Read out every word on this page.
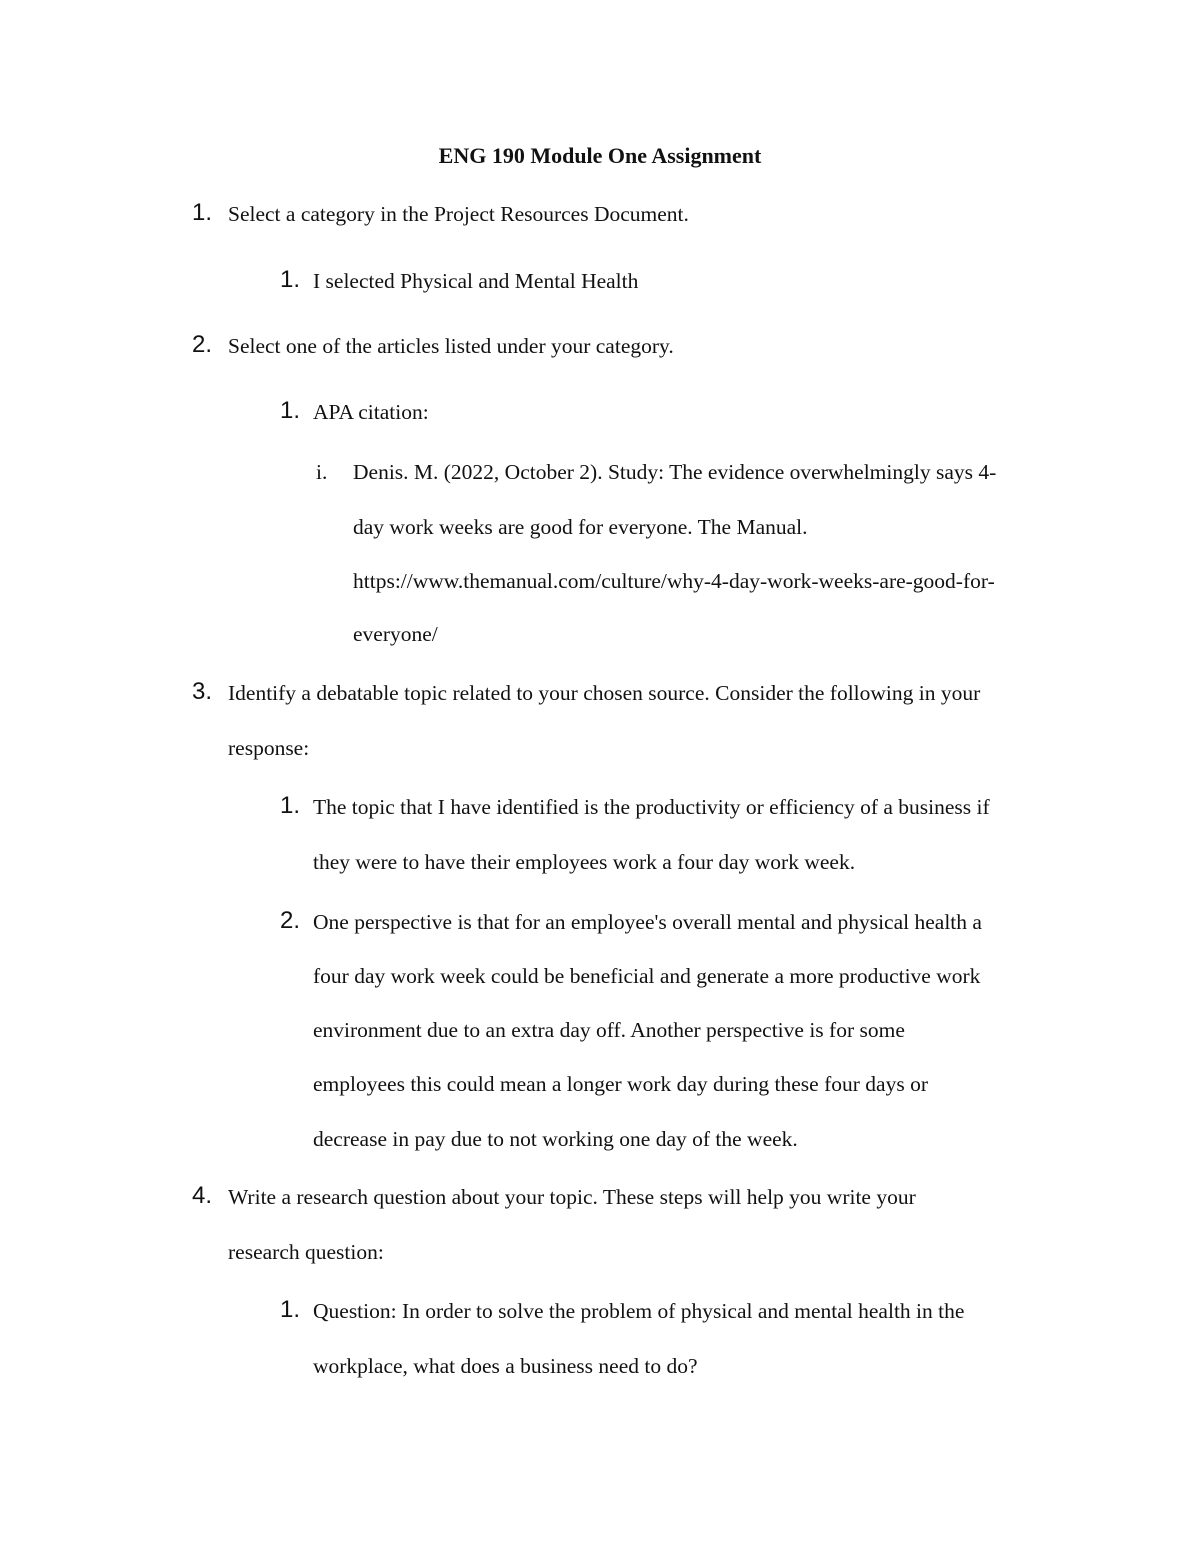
ENG 190 Module One Assignment
1. Select a category in the Project Resources Document.
1. I selected Physical and Mental Health
2. Select one of the articles listed under your category.
1. APA citation:
i. Denis. M. (2022, October 2). Study: The evidence overwhelmingly says 4-
day work weeks are good for everyone. The Manual.
https://www.themanual.com/culture/why-4-day-work-weeks-are-good-for-
everyone/
3. Identify a debatable topic related to your chosen source. Consider the following in your
response:
1. The topic that I have identified is the productivity or efficiency of a business if
they were to have their employees work a four day work week.
2. One perspective is that for an employee's overall mental and physical health a
four day work week could be beneficial and generate a more productive work
environment due to an extra day off. Another perspective is for some
employees this could mean a longer work day during these four days or
decrease in pay due to not working one day of the week.
4. Write a research question about your topic. These steps will help you write your
research question:
1. Question: In order to solve the problem of physical and mental health in the
workplace, what does a business need to do?
